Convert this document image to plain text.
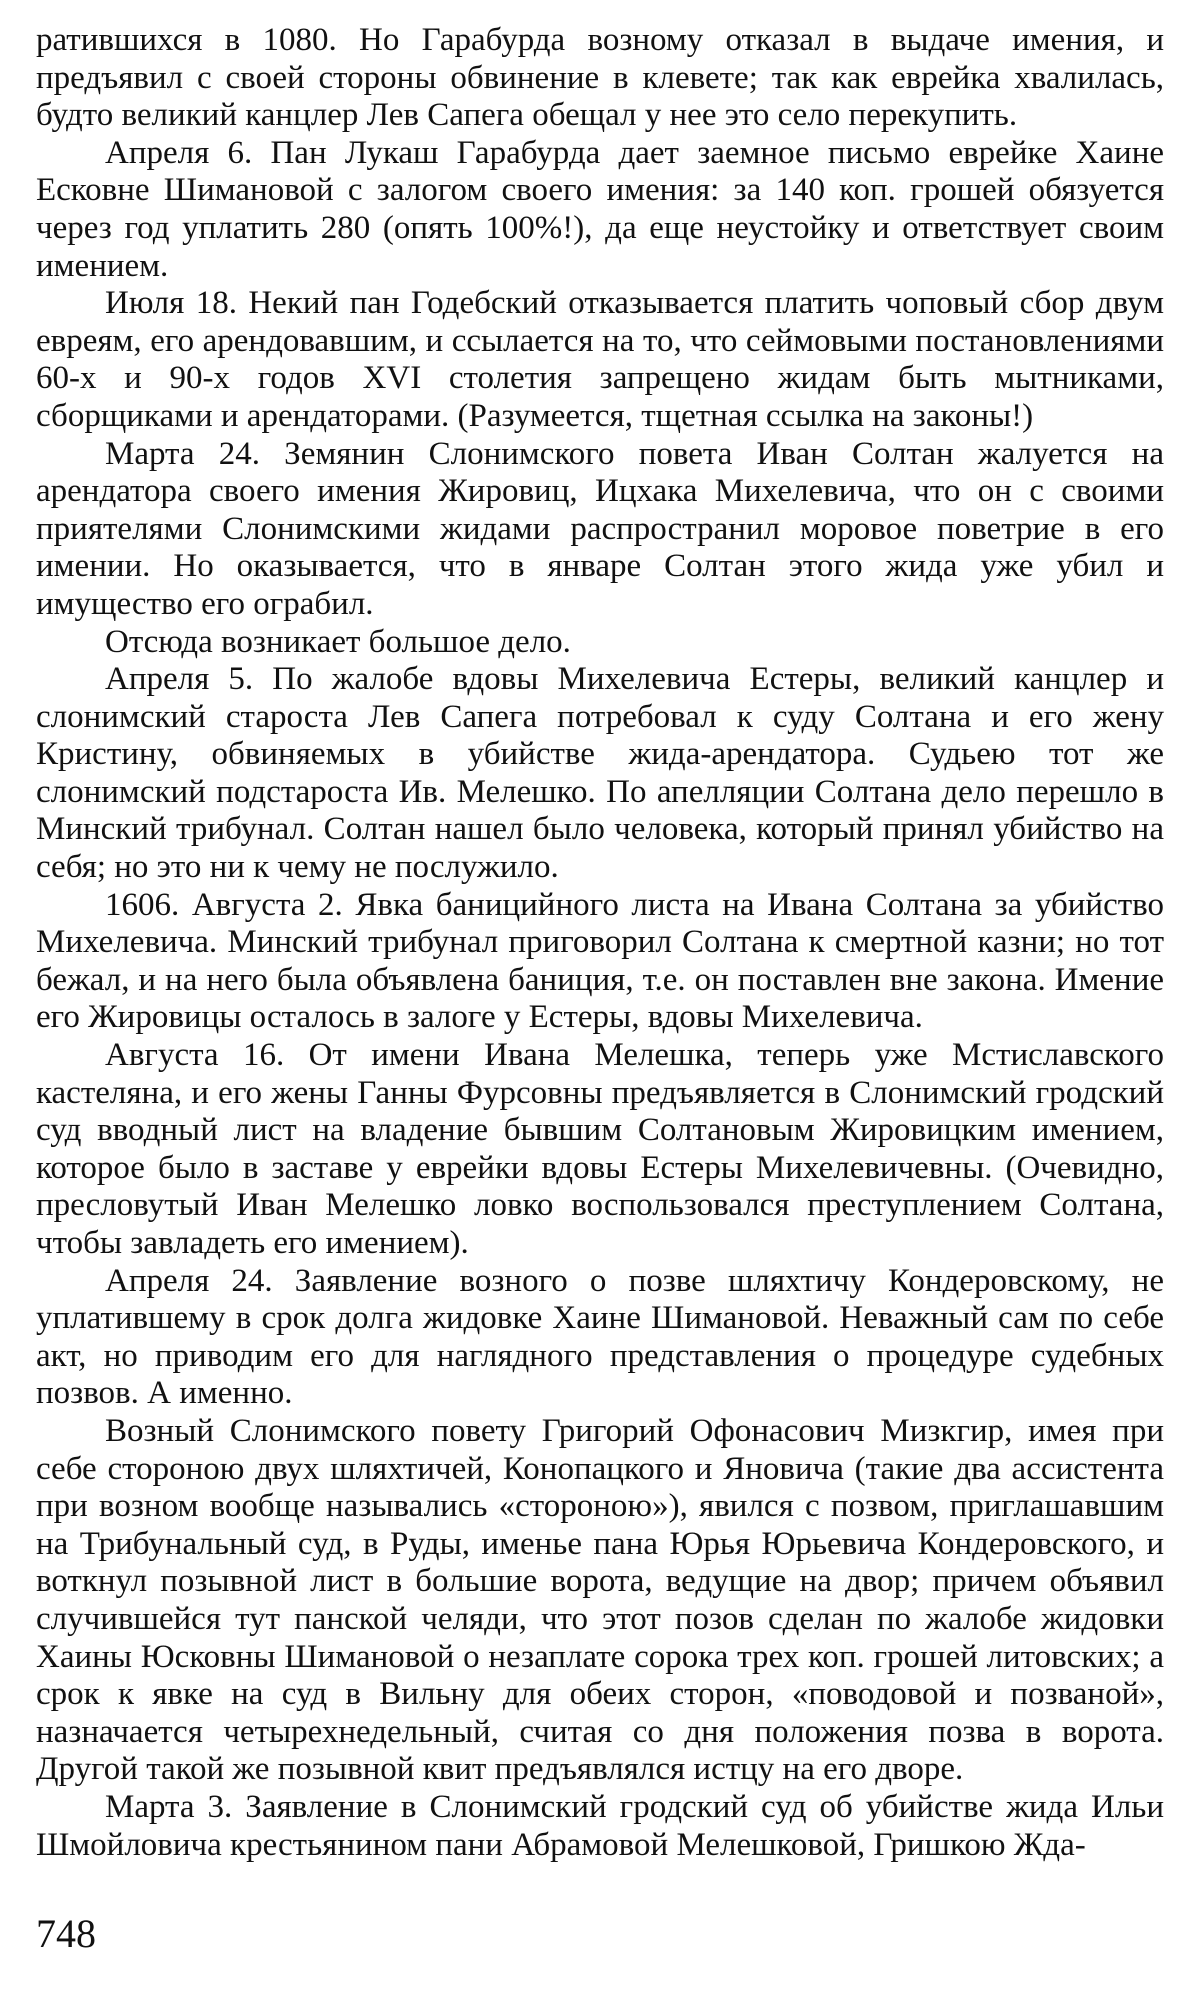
ратившихся в 1080. Но Гарабурда возному отказал в выдаче имения, и предъявил с своей стороны обвинение в клевете; так как еврейка хвалилась, будто великий канцлер Лев Сапега обещал у нее это село перекупить.

Апреля 6. Пан Лукаш Гарабурда дает заемное письмо еврейке Хаине Есковне Шимановой с залогом своего имения: за 140 коп. грошей обязуется через год уплатить 280 (опять 100%!), да еще неустойку и ответствует своим имением.

Июля 18. Некий пан Годебский отказывается платить чоповый сбор двум евреям, его арендовавшим, и ссылается на то, что сеймовыми постановлениями 60-х и 90-х годов XVI столетия запрещено жидам быть мытниками, сборщиками и арендаторами. (Разумеется, тщетная ссылка на законы!)

Марта 24. Земянин Слонимского повета Иван Солтан жалуется на арендатора своего имения Жировиц, Ицхака Михелевича, что он с своими приятелями Слонимскими жидами распространил моровое поветрие в его имении. Но оказывается, что в январе Солтан этого жида уже убил и имущество его ограбил.

Отсюда возникает большое дело.

Апреля 5. По жалобе вдовы Михелевича Естеры, великий канцлер и слонимский староста Лев Сапега потребовал к суду Солтана и его жену Кристину, обвиняемых в убийстве жида-арендатора. Судьею тот же слонимский подстароста Ив. Мелешко. По апелляции Солтана дело перешло в Минский трибунал. Солтан нашел было человека, который принял убийство на себя; но это ни к чему не послужило.

1606. Августа 2. Явка баницийного листа на Ивана Солтана за убийство Михелевича. Минский трибунал приговорил Солтана к смертной казни; но тот бежал, и на него была объявлена баниция, т.е. он поставлен вне закона. Имение его Жировицы осталось в залоге у Естеры, вдовы Михелевича.

Августа 16. От имени Ивана Мелешка, теперь уже Мстиславского кастеляна, и его жены Ганны Фурсовны предъявляется в Слонимский гродский суд вводный лист на владение бывшим Солтановым Жировицким имением, которое было в заставе у еврейки вдовы Естеры Михелевичевны. (Очевидно, пресловутый Иван Мелешко ловко воспользовался преступлением Солтана, чтобы завладеть его имением).

Апреля 24. Заявление возного о позве шляхтичу Кондеровскому, не уплатившему в срок долга жидовке Хаине Шимановой. Неважный сам по себе акт, но приводим его для наглядного представления о процедуре судебных позвов. А именно.

Возный Слонимского повету Григорий Офонасович Мизкгир, имея при себе стороною двух шляхтичей, Конопацкого и Яновича (такие два ассистента при возном вообще назывались «стороною»), явился с позвом, приглашавшим на Трибунальный суд, в Руды, именье пана Юрья Юрьевича Кондеровского, и воткнул позывной лист в большие ворота, ведущие на двор; причем объявил случившейся тут панской челяди, что этот позов сделан по жалобе жидовки Хаины Юсковны Шимановой о незаплате сорока трех коп. грошей литовских; а срок к явке на суд в Вильну для обеих сторон, «поводовой и позваной», назначается четырехнедельный, считая со дня положения позва в ворота. Другой такой же позывной квит предъявлялся истцу на его дворе.

Марта 3. Заявление в Слонимский гродский суд об убийстве жида Ильи Шмойловича крестьянином пани Абрамовой Мелешковой, Гришкою Жда-

748
